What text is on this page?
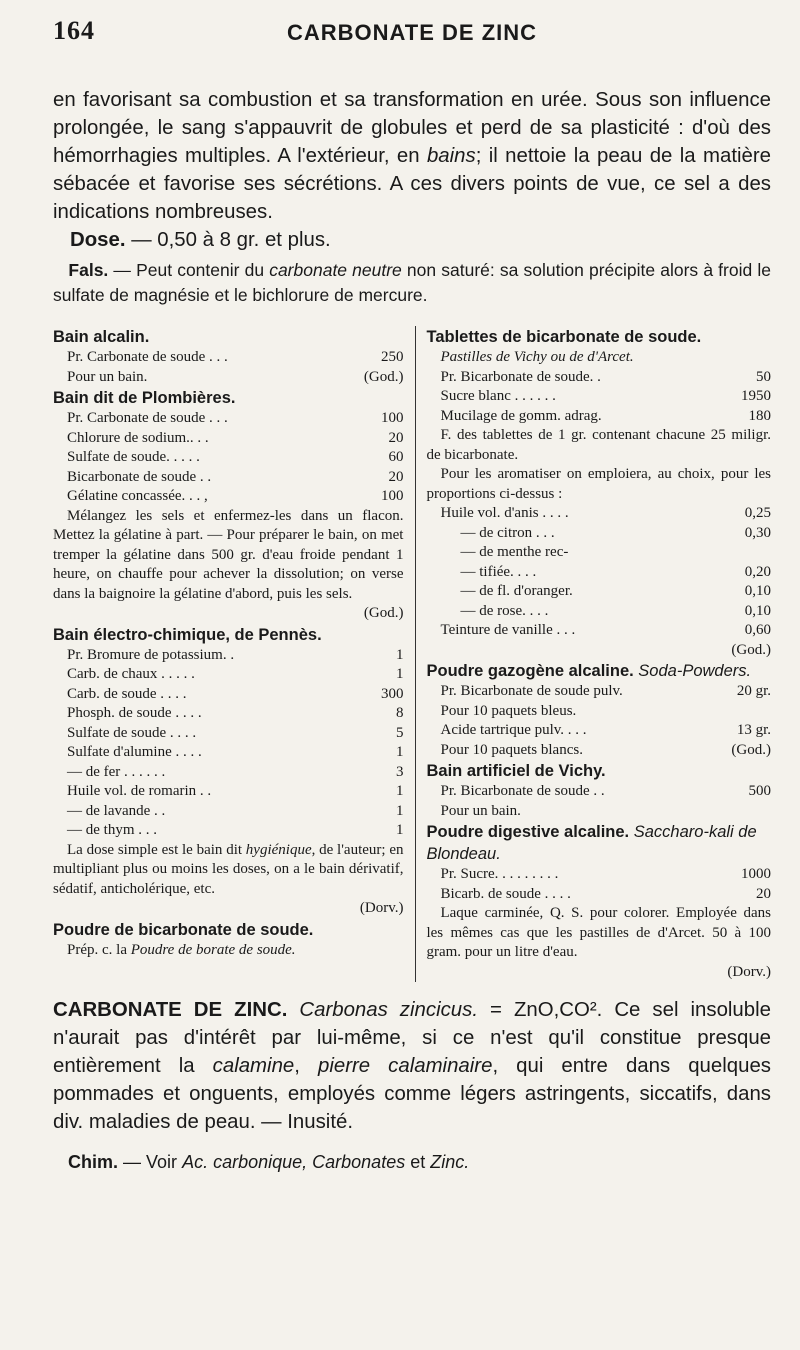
164	CARBONATE DE ZINC

en favorisant sa combustion et sa transformation en urée. Sous son influence prolongée, le sang s'appauvrit de globules et perd de sa plasticité : d'où des hémorrhagies multiples. A l'extérieur, en bains; il nettoie la peau de la matière sébacée et favorise ses sécrétions. A ces divers points de vue, ce sel a des indications nombreuses.

Dose. — 0,50 à 8 gr. et plus.

Fals. — Peut contenir du carbonate neutre non saturé: sa solution précipite alors à froid le sulfate de magnésie et le bichlorure de mercure.

Bain alcalin.
Pr. Carbonate de soude . . .	250
Pour un bain.	(God.)
Bain dit de Plombières.
Pr. Carbonate de soude . . .	100
Chlorure de sodium.. . .	20
Sulfate de soude. . . . .	60
Bicarbonate de soude . .	20
Gélatine concassée. . . ,	100
Mélangez les sels et enfermez-les dans un flacon. Mettez la gélatine à part. — Pour préparer le bain, on met tremper la gélatine dans 500 gr. d'eau froide pendant 1 heure, on chauffe pour achever la dissolution; on verse dans la baignoire la gélatine d'abord, puis les sels.
(God.)
Bain électro-chimique, de Pennès.
Pr. Bromure de potassium. .	1
Carb. de chaux . . . . .	1
Carb. de soude . . . .	300
Phosph. de soude . . . .	8
Sulfate de soude . . . .	5
Sulfate d'alumine . . . .	1
— de fer . . . . . .	3
Huile vol. de romarin . .	1
— de lavande . .	1
— de thym . . .	1
La dose simple est le bain dit hygiénique, de l'auteur; en multipliant plus ou moins les doses, on a le bain dérivatif, sédatif, anticholérique, etc.
(Dorv.)
Poudre de bicarbonate de soude.
Prép. c. la Poudre de borate de soude.
Tablettes de bicarbonate de soude.
Pastilles de Vichy ou de d'Arcet.
Pr. Bicarbonate de soude. .	50
Sucre blanc . . . . . .	1950
Mucilage de gomm. adrag.	180
F. des tablettes de 1 gr. contenant chacune 25 miligr. de bicarbonate.
Pour les aromatiser on emploiera, au choix, pour les proportions ci-dessus :
Huile vol. d'anis . . . .	0,25
— de citron . . .	0,30
— de menthe rec-
— tifiée. . . .	0,20
— de fl. d'oranger.	0,10
— de rose. . . .	0,10
Teinture de vanille . . .	0,60
(God.)
Poudre gazogène alcaline. Soda-Powders.
Pr. Bicarbonate de soude pulv.	20 gr.
Pour 10 paquets bleus.
Acide tartrique pulv. . . .	13 gr.
Pour 10 paquets blancs.	(God.)
Bain artificiel de Vichy.
Pr. Bicarbonate de soude . .	500
Pour un bain.
Poudre digestive alcaline. Saccharo-kali de Blondeau.
Pr. Sucre. . . . . . . . .	1000
Bicarb. de soude . . . .	20
Laque carminée, Q. S. pour colorer. Employée dans les mêmes cas que les pastilles de d'Arcet. 50 à 100 gram. pour un litre d'eau.
(Dorv.)

CARBONATE DE ZINC. Carbonas zincicus. = ZnO,CO². Ce sel insoluble n'aurait pas d'intérêt par lui-même, si ce n'est qu'il constitue presque entièrement la calamine, pierre calaminaire, qui entre dans quelques pommades et onguents, employés comme légers astringents, siccatifs, dans div. maladies de peau. — Inusité.

Chim. — Voir Ac. carbonique, Carbonates et Zinc.
